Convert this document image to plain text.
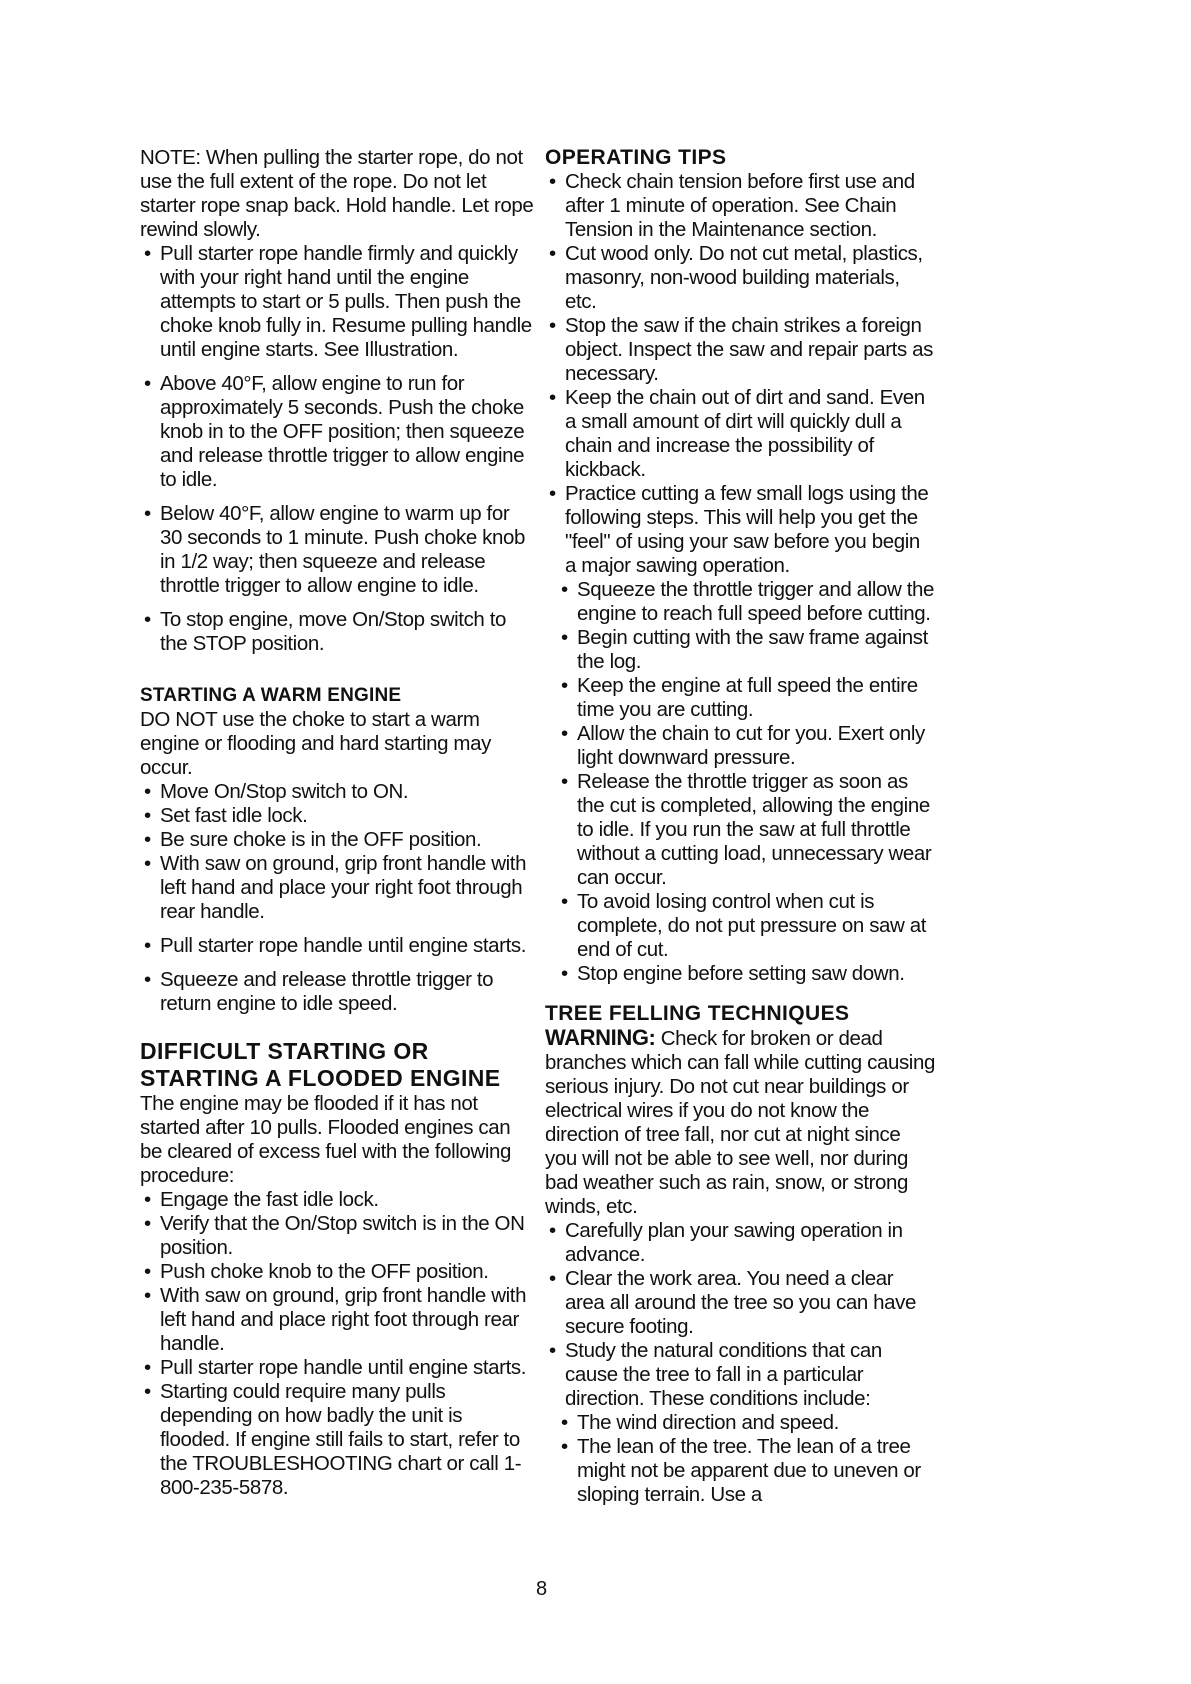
NOTE: When pulling the starter rope, do not use the full extent of the rope. Do not let starter rope snap back. Hold handle. Let rope rewind slowly.

• Pull starter rope handle firmly and quickly with your right hand until the engine attempts to start or 5 pulls. Then push the choke knob fully in. Resume pulling handle until engine starts. See Illustration.

• Above 40°F, allow engine to run for approximately 5 seconds. Push the choke knob in to the OFF position; then squeeze and release throttle trigger to allow engine to idle.

• Below 40°F, allow engine to warm up for 30 seconds to 1 minute. Push choke knob in 1/2 way; then squeeze and release throttle trigger to allow engine to idle.

• To stop engine, move On/Stop switch to the STOP position.

STARTING A WARM ENGINE

DO NOT use the choke to start a warm engine or flooding and hard starting may occur.

• Move On/Stop switch to ON.

• Set fast idle lock.

• Be sure choke is in the OFF position.

• With saw on ground, grip front handle with left hand and place your right foot through rear handle.

• Pull starter rope handle until engine starts.

• Squeeze and release throttle trigger to return engine to idle speed.

DIFFICULT STARTING OR

STARTING A FLOODED ENGINE

The engine may be flooded if it has not started after 10 pulls. Flooded engines can be cleared of excess fuel with the following procedure:

• Engage the fast idle lock.

• Verify that the On/Stop switch is in the ON position.

• Push choke knob to the OFF position.

• With saw on ground, grip front handle with left hand and place right foot through rear handle.

• Pull starter rope handle until engine starts.

• Starting could require many pulls depending on how badly the unit is flooded. If engine still fails to start, refer to the TROUBLESHOOTING chart or call 1-800-235-5878.

OPERATING TIPS

• Check chain tension before first use and after 1 minute of operation. See Chain Tension in the Maintenance section.

• Cut wood only. Do not cut metal, plastics, masonry, non-wood building materials, etc.

• Stop the saw if the chain strikes a foreign object. Inspect the saw and repair parts as necessary.

• Keep the chain out of dirt and sand. Even a small amount of dirt will quickly dull a chain and increase the possibility of kickback.

• Practice cutting a few small logs using the following steps. This will help you get the "feel" of using your saw before you begin a major sawing operation.

• Squeeze the throttle trigger and allow the engine to reach full speed before cutting.

• Begin cutting with the saw frame against the log.

• Keep the engine at full speed the entire time you are cutting.

• Allow the chain to cut for you. Exert only light downward pressure.

• Release the throttle trigger as soon as the cut is completed, allowing the engine to idle. If you run the saw at full throttle without a cutting load, unnecessary wear can occur.

• To avoid losing control when cut is complete, do not put pressure on saw at end of cut.

• Stop engine before setting saw down.

TREE FELLING TECHNIQUES

WARNING: Check for broken or dead branches which can fall while cutting causing serious injury. Do not cut near buildings or electrical wires if you do not know the direction of tree fall, nor cut at night since you will not be able to see well, nor during bad weather such as rain, snow, or strong winds, etc.

• Carefully plan your sawing operation in advance.

• Clear the work area. You need a clear area all around the tree so you can have secure footing.

• Study the natural conditions that can cause the tree to fall in a particular direction. These conditions include:

• The wind direction and speed.

• The lean of the tree. The lean of a tree might not be apparent due to uneven or sloping terrain. Use a

8
